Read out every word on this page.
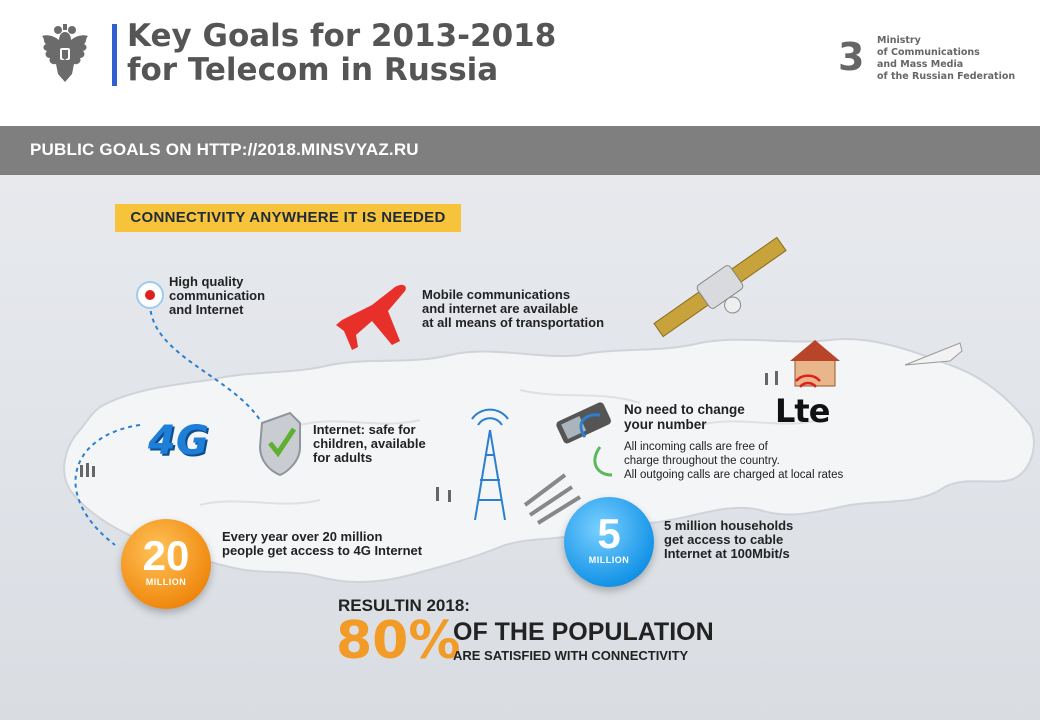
Key Goals for 2013-2018
for Telecom in Russia	3 Ministry
of Communications
and Mass Media
of the Russian Federation
PUBLIC GOALS ON HTTP://2018.MINSVYAZ.RU
CONNECTIVITY ANYWHERE IT IS NEEDED
High quality
communication
and Internet
Mobile communications
and internet are available
at all means of transportation
Internet: safe for
children, available
for adults
No need to change
your number
All incoming calls are free of
charge throughout the country.
All outgoing calls are charged at local rates
4G
Lte
20
MILLION
Every year over 20 million
people get access to 4G Internet	5
MILLION
5 million households
get access to cable
Internet at 100Mbit/s
RESULTIN 2018:
80%
OF THE POPULATION
ARE SATISFIED WITH CONNECTIVITY
